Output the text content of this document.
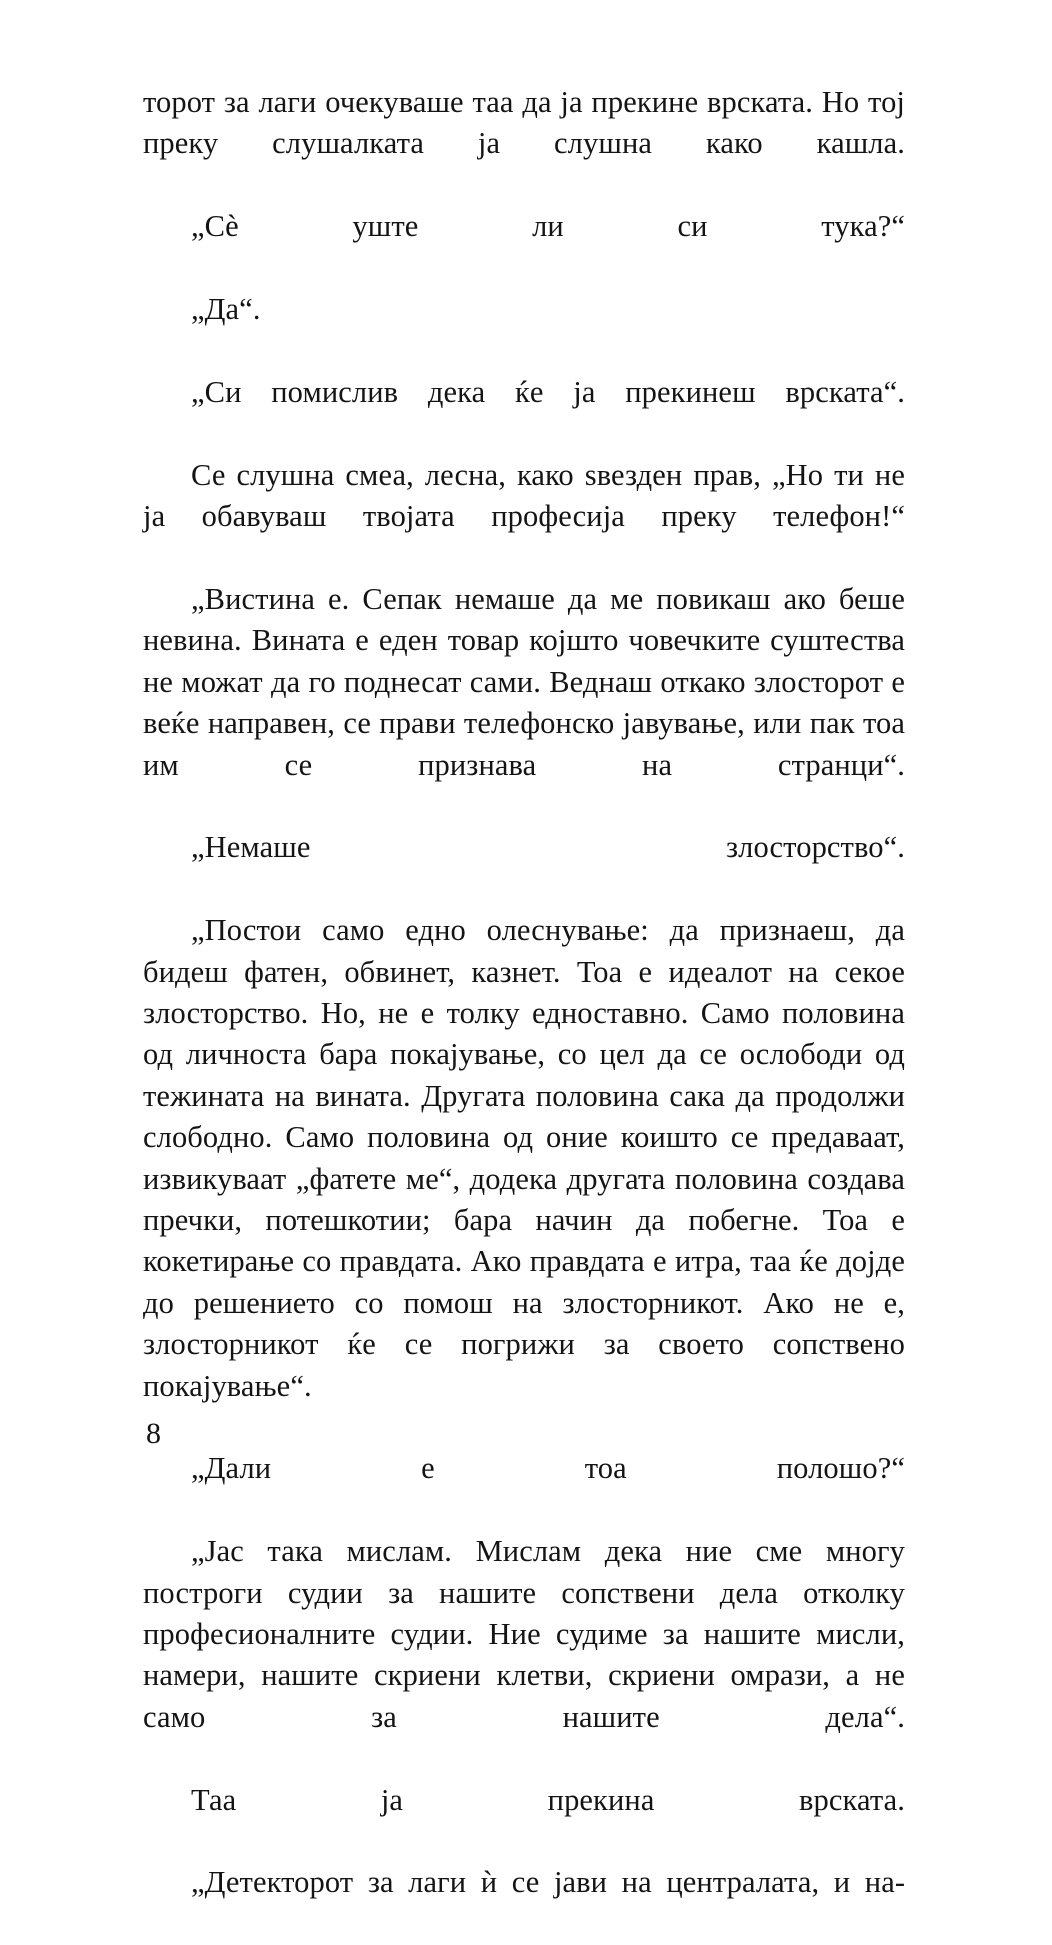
торот за лаги очекуваше таа да ја прекине врската. Но тој преку слушалката ја слушна како кашла.

„Сѐ уште ли си тука?“

„Да“.

„Си помислив дека ќе ја прекинеш врската“.

Се слушна смеа, лесна, како ѕвезден прав, „Но ти не ја обавуваш твојата професија преку телефон!“

„Вистина е. Сепак немаше да ме повикаш ако беше невина. Вината е еден товар којшто човечките суштества не можат да го поднесат сами. Веднаш откако злосторот е веќе направен, се прави телефонско јавување, или пак тоа им се признава на странци“.

„Немаше злосторство“.

„Постои само едно олеснување: да признаеш, да бидеш фатен, обвинет, казнет. Тоа е идеалот на секое злосторство. Но, не е толку едноставно. Само половина од личноста бара покајување, со цел да се ослободи од тежината на вината. Другата половина сака да продолжи слободно. Само половина од оние коишто се предаваат, извикуваат „фатете ме“, додека другата половина создава пречки, потешкотии; бара начин да побегне. Тоа е кокетирање со правдата. Ако правдата е итра, таа ќе дојде до решението со помош на злосторникот. Ако не е, злосторникот ќе се погрижи за своето сопствено покајување“.

„Дали е тоа полошо?“

„Јас така мислам. Мислам дека ние сме многу построги судии за нашите сопствени дела отколку професионалните судии. Ние судиме за нашите мисли, намери, нашите скриени клетви, скриени омрази, а не само за нашите дела“.

Таа ја прекина врската.

„Детекторот за лаги ѝ се јави на централата, и на

8
